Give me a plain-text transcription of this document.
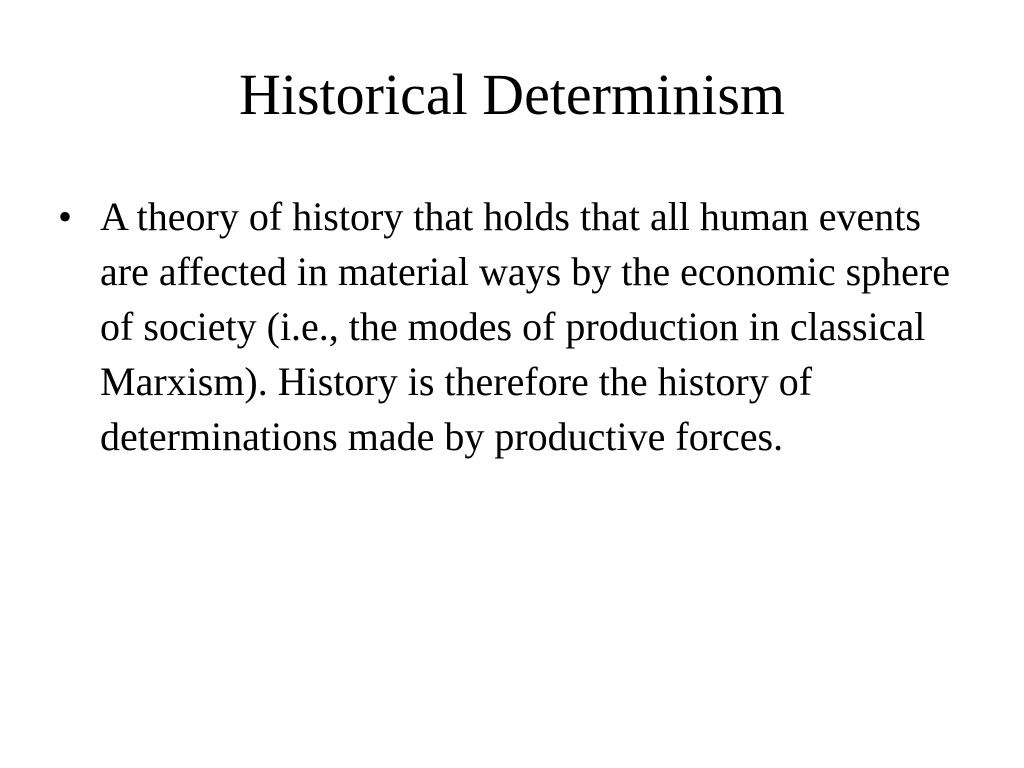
Historical Determinism
• A theory of history that holds that all human events are affected in material ways by the economic sphere of society (i.e., the modes of production in classical Marxism). History is therefore the history of determinations made by productive forces.
